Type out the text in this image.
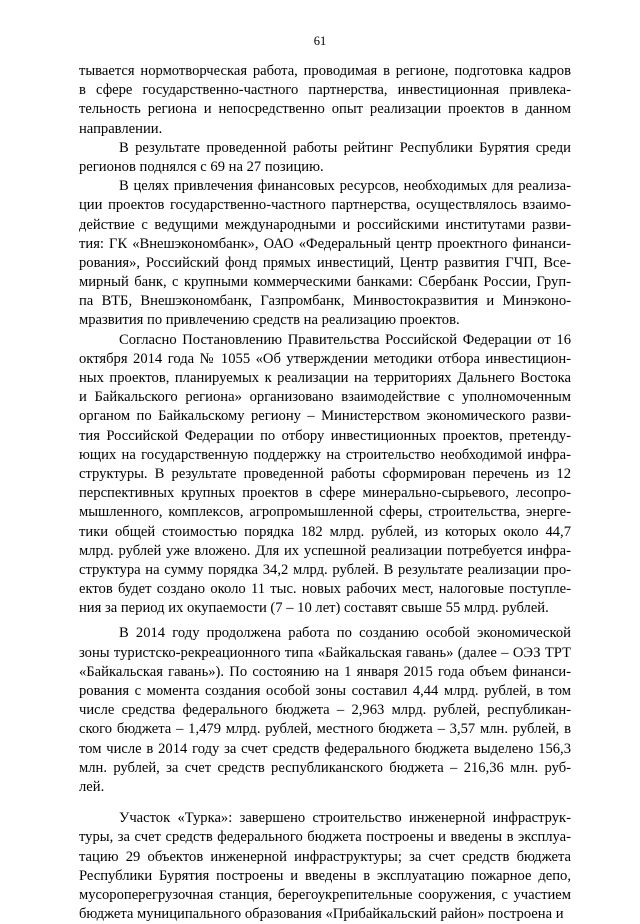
61
тывается нормотворческая работа, проводимая в регионе, подготовка кадров
в сфере государственно-частного партнерства, инвестиционная привлека-
тельность региона и непосредственно опыт реализации проектов в данном
направлении.
В результате проведенной работы рейтинг Республики Бурятия среди
регионов поднялся с 69 на 27 позицию.
В целях привлечения финансовых ресурсов, необходимых для реализа-
ции проектов государственно-частного партнерства, осуществлялось взаимо-
действие с ведущими международными и российскими институтами разви-
тия: ГК «Внешэкономбанк», ОАО «Федеральный центр проектного финанси-
рования», Российский фонд прямых инвестиций, Центр развития ГЧП, Все-
мирный банк, с крупными коммерческими банками: Сбербанк России, Груп-
па ВТБ, Внешэкономбанк, Газпромбанк, Минвостокразвития и Минэконо-
мразвития по привлечению средств на реализацию проектов.
Согласно Постановлению Правительства Российской Федерации от 16
октября 2014 года № 1055 «Об утверждении методики отбора инвестицион-
ных проектов, планируемых к реализации на территориях Дальнего Востока
и Байкальского региона» организовано взаимодействие с уполномоченным
органом по Байкальскому региону – Министерством экономического разви-
тия Российской Федерации по отбору инвестиционных проектов, претенду-
ющих на государственную поддержку на строительство необходимой инфра-
структуры. В результате проведенной работы сформирован перечень из 12
перспективных крупных проектов в сфере минерально-сырьевого, лесопро-
мышленного, комплексов, агропромышленной сферы, строительства, энерге-
тики общей стоимостью порядка 182 млрд. рублей, из которых около 44,7
млрд. рублей уже вложено. Для их успешной реализации потребуется инфра-
структура на сумму порядка 34,2 млрд. рублей. В результате реализации про-
ектов будет создано около 11 тыс. новых рабочих мест, налоговые поступле-
ния за период их окупаемости (7 – 10 лет) составят свыше 55 млрд. рублей.
В 2014 году продолжена работа по созданию особой экономической
зоны туристско-рекреационного типа «Байкальская гавань» (далее – ОЭЗ ТРТ
«Байкальская гавань»). По состоянию на 1 января 2015 года объем финанси-
рования с момента создания особой зоны составил 4,44 млрд. рублей, в том
числе средства федерального бюджета – 2,963 млрд. рублей, республикан-
ского бюджета – 1,479 млрд. рублей, местного бюджета – 3,57 млн. рублей, в
том числе в 2014 году за счет средств федерального бюджета выделено 156,3
млн. рублей, за счет средств республиканского бюджета – 216,36 млн. руб-
лей.
Участок «Турка»: завершено строительство инженерной инфраструк-
туры, за счет средств федерального бюджета построены и введены в эксплуа-
тацию 29 объектов инженерной инфраструктуры; за счет средств бюджета
Республики Бурятия построены и введены в эксплуатацию пожарное депо,
мусороперегрузочная станция, берегоукрепительные сооружения, с участием
бюджета муниципального образования «Прибайкальский район» построена и
